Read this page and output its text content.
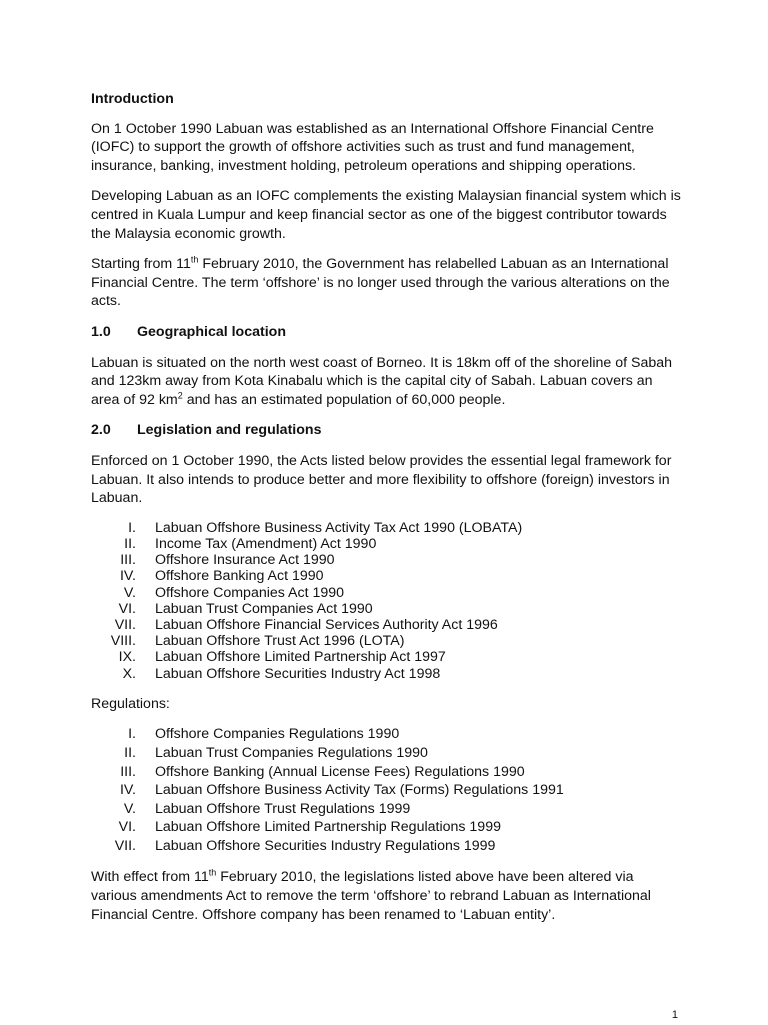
Introduction

On 1 October 1990 Labuan was established as an International Offshore Financial Centre (IOFC) to support the growth of offshore activities such as trust and fund management, insurance, banking, investment holding, petroleum operations and shipping operations.

Developing Labuan as an IOFC complements the existing Malaysian financial system which is centred in Kuala Lumpur and keep financial sector as one of the biggest contributor towards the Malaysia economic growth.

Starting from 11th February 2010, the Government has relabelled Labuan as an International Financial Centre. The term ‘offshore’ is no longer used through the various alterations on the acts.

1.0 Geographical location

Labuan is situated on the north west coast of Borneo. It is 18km off of the shoreline of Sabah and 123km away from Kota Kinabalu which is the capital city of Sabah. Labuan covers an area of 92 $km^2$ and has an estimated population of 60,000 people.

2.0 Legislation and regulations

Enforced on 1 October 1990, the Acts listed below provides the essential legal framework for Labuan. It also intends to produce better and more flexibility to offshore (foreign) investors in Labuan.

I.	Labuan Offshore Business Activity Tax Act 1990 (LOBATA)
II.	Income Tax (Amendment) Act 1990
III.	Offshore Insurance Act 1990
IV.	Offshore Banking Act 1990
V.	Offshore Companies Act 1990
VI.	Labuan Trust Companies Act 1990
VII.	Labuan Offshore Financial Services Authority Act 1996
VIII.	Labuan Offshore Trust Act 1996 (LOTA)
IX.	Labuan Offshore Limited Partnership Act 1997
X.	Labuan Offshore Securities Industry Act 1998

Regulations:

I.	Offshore Companies Regulations 1990
II.	Labuan Trust Companies Regulations 1990
III.	Offshore Banking (Annual License Fees) Regulations 1990
IV.	Labuan Offshore Business Activity Tax (Forms) Regulations 1991
V.	Labuan Offshore Trust Regulations 1999
VI.	Labuan Offshore Limited Partnership Regulations 1999
VII.	Labuan Offshore Securities Industry Regulations 1999

With effect from 11th February 2010, the legislations listed above have been altered via various amendments Act to remove the term ‘offshore’ to rebrand Labuan as International Financial Centre. Offshore company has been renamed to ‘Labuan entity’.

1
